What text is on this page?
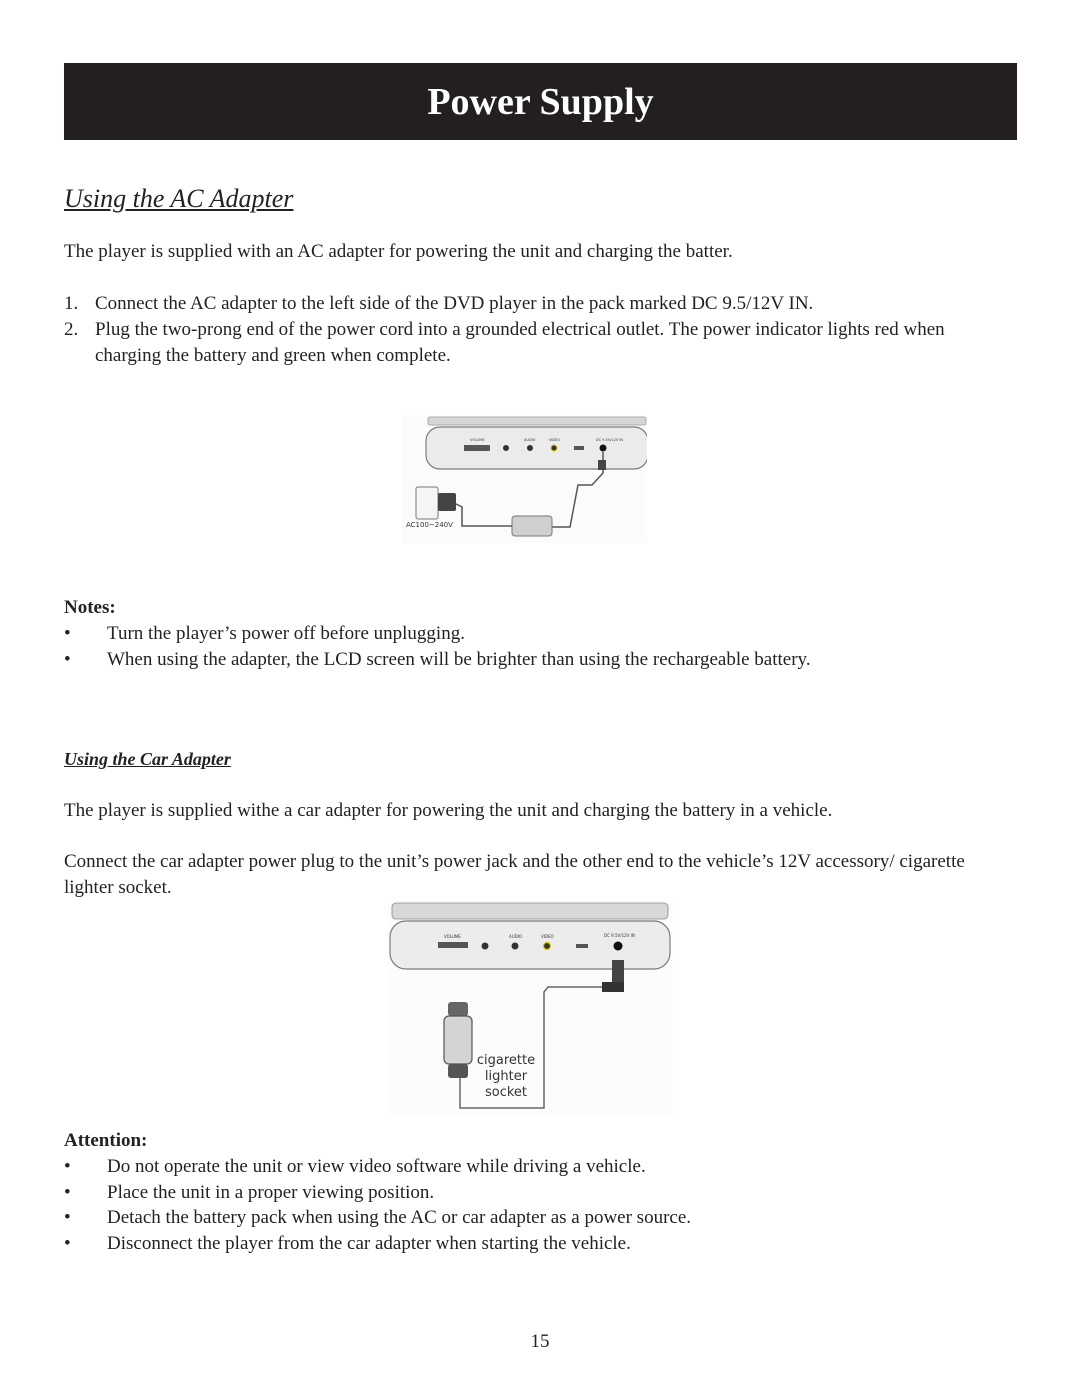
Power Supply
Using the AC Adapter

The player is supplied with an AC adapter for powering the unit and charging the batter.

1. Connect the AC adapter to the left side of the DVD player in the pack marked DC 9.5/12V IN.
2. Plug the two-prong end of the power cord into a grounded electrical outlet. The power indicator lights red when charging the battery and green when complete.
VOLUME	AUDIO	VIDEO	DC 9.5V/12V IN
AC100~240V
Notes:
• Turn the player’s power off before unplugging.
• When using the adapter, the LCD screen will be brighter than using the rechargeable battery.
Using the Car Adapter

The player is supplied withe a car adapter for powering the unit and charging the battery in a vehicle.

Connect the car adapter power plug to the unit’s power jack and the other end to the vehicle’s 12V accessory/ cigarette lighter socket.

VOLUME	AUDIO	VIDEO	DC 9.5V/12V IN
cigarette
lighter
socket
Attention:
• Do not operate the unit or view video software while driving a vehicle.
• Place the unit in a proper viewing position.
• Detach the battery pack when using the AC or car adapter as a power source.
• Disconnect the player from the car adapter when starting the vehicle.
15
